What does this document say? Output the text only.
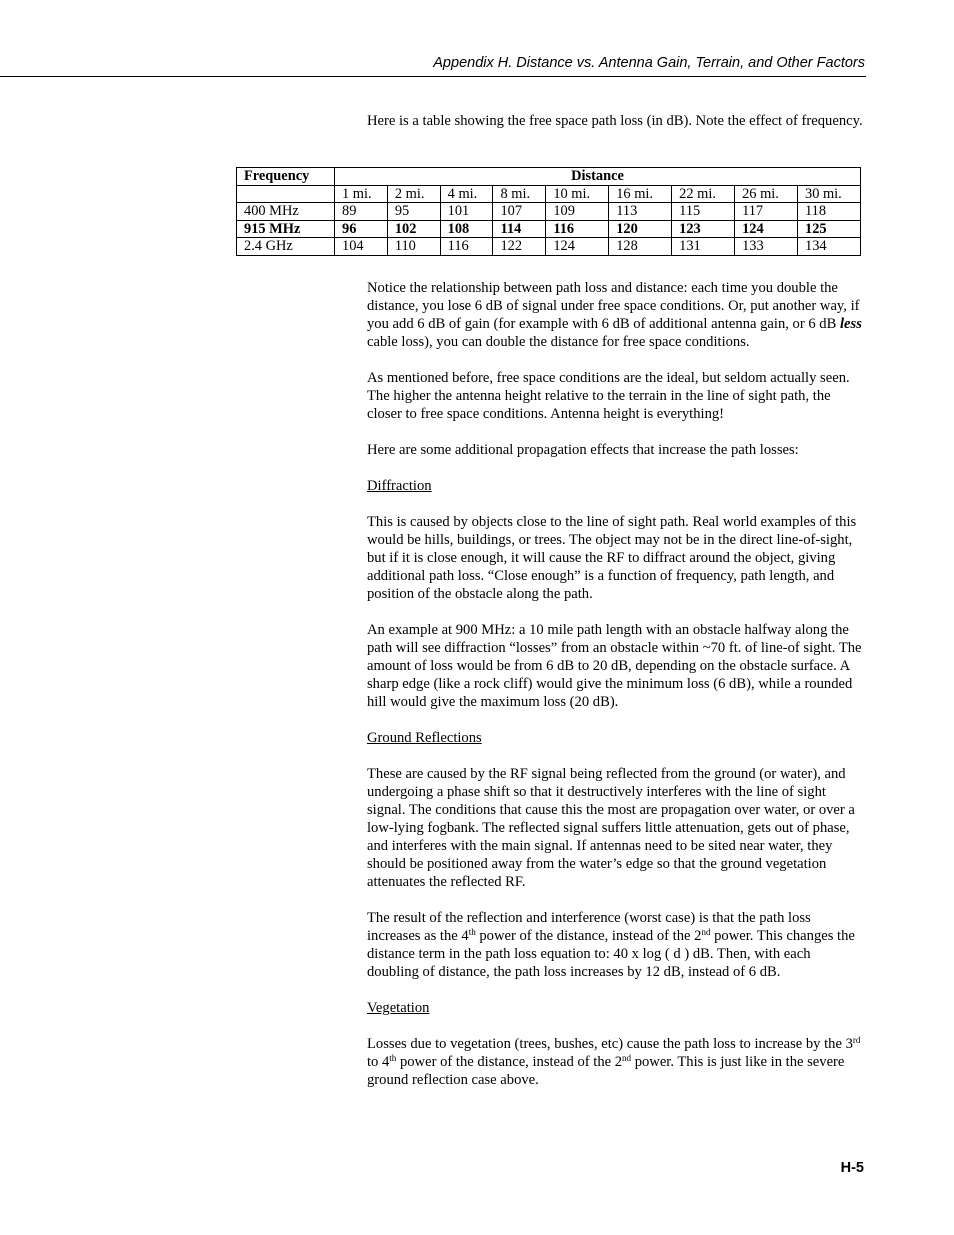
Appendix H. Distance vs. Antenna Gain, Terrain, and Other Factors

Here is a table showing the free space path loss (in dB). Note the effect of frequency.

Frequency	Distance								
	1 mi.	2 mi.	4 mi.	8 mi.	10 mi.	16 mi.	22 mi.	26 mi.	30 mi.
400 MHz	89	95	101	107	109	113	115	117	118
915 MHz	96	102	108	114	116	120	123	124	125
2.4 GHz	104	110	116	122	124	128	131	133	134

Notice the relationship between path loss and distance: each time you double the distance, you lose 6 dB of signal under free space conditions. Or, put another way, if you add 6 dB of gain (for example with 6 dB of additional antenna gain, or 6 dB less cable loss), you can double the distance for free space conditions.

As mentioned before, free space conditions are the ideal, but seldom actually seen. The higher the antenna height relative to the terrain in the line of sight path, the closer to free space conditions. Antenna height is everything!

Here are some additional propagation effects that increase the path losses:

Diffraction

This is caused by objects close to the line of sight path. Real world examples of this would be hills, buildings, or trees. The object may not be in the direct line-of-sight, but if it is close enough, it will cause the RF to diffract around the object, giving additional path loss. “Close enough” is a function of frequency, path length, and position of the obstacle along the path.

An example at 900 MHz: a 10 mile path length with an obstacle halfway along the path will see diffraction “losses” from an obstacle within ~70 ft. of line-of sight. The amount of loss would be from 6 dB to 20 dB, depending on the obstacle surface. A sharp edge (like a rock cliff) would give the minimum loss (6 dB), while a rounded hill would give the maximum loss (20 dB).

Ground Reflections

These are caused by the RF signal being reflected from the ground (or water), and undergoing a phase shift so that it destructively interferes with the line of sight signal. The conditions that cause this the most are propagation over water, or over a low-lying fogbank. The reflected signal suffers little attenuation, gets out of phase, and interferes with the main signal. If antennas need to be sited near water, they should be positioned away from the water’s edge so that the ground vegetation attenuates the reflected RF.

The result of the reflection and interference (worst case) is that the path loss increases as the 4th power of the distance, instead of the 2nd power. This changes the distance term in the path loss equation to: 40 x log ( d ) dB. Then, with each doubling of distance, the path loss increases by 12 dB, instead of 6 dB.

Vegetation

Losses due to vegetation (trees, bushes, etc) cause the path loss to increase by the 3rd to 4th power of the distance, instead of the 2nd power. This is just like in the severe ground reflection case above.

H-5
